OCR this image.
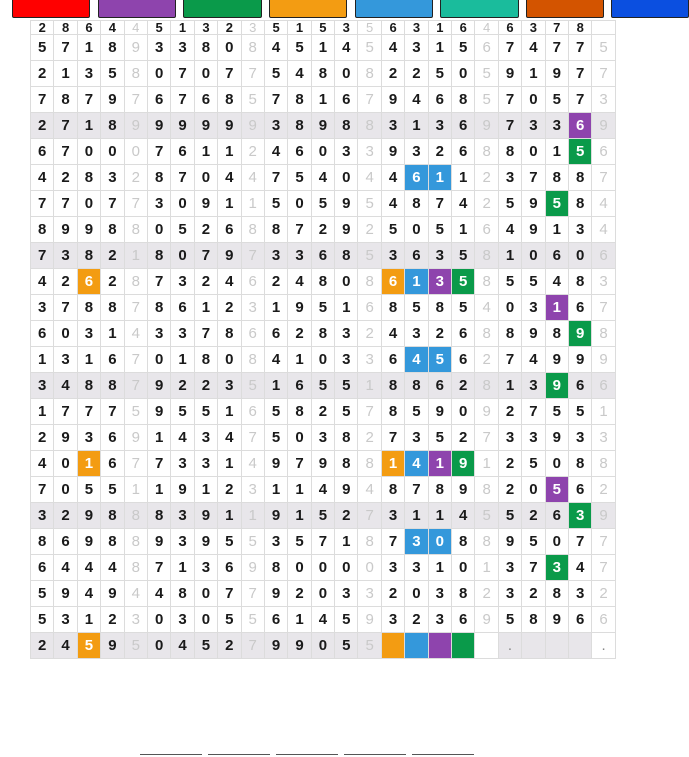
2	8	6	4	4	5	1	3	2	3	5	1	5	3	5	6	3	1	6	4	6	3	7	8	
5	7	1	8	9	3	3	8	0	8	4	5	1	4	5	4	3	1	5	6	7	4	7	7	5
2	1	3	5	8	0	7	0	7	7	5	4	8	0	8	2	2	5	0	5	9	1	9	7	7
7	8	7	9	7	6	7	6	8	5	7	8	1	6	7	9	4	6	8	5	7	0	5	7	3
2	7	1	8	9	9	9	9	9	9	3	8	9	8	8	3	1	3	6	9	7	3	3	6	9
6	7	0	0	0	7	6	1	1	2	4	6	0	3	3	9	3	2	6	8	8	0	1	5	6
4	2	8	3	2	8	7	0	4	4	7	5	4	0	4	4	6	1	1	2	3	7	8	8	7
7	7	0	7	7	3	0	9	1	1	5	0	5	9	5	4	8	7	4	2	5	9	5	8	4
8	9	9	8	8	0	5	2	6	8	8	7	2	9	2	5	0	5	1	6	4	9	1	3	4
7	3	8	2	1	8	0	7	9	7	3	3	6	8	5	3	6	3	5	8	1	0	6	0	6
4	2	6	2	8	7	3	2	4	6	2	4	8	0	8	6	1	3	5	8	5	5	4	8	3
3	7	8	8	7	8	6	1	2	3	1	9	5	1	6	8	5	8	5	4	0	3	1	6	7
6	0	3	1	4	3	3	7	8	6	6	2	8	3	2	4	3	2	6	8	8	9	8	9	8
1	3	1	6	7	0	1	8	0	8	4	1	0	3	3	6	4	5	6	2	7	4	9	9	9
3	4	8	8	7	9	2	2	3	5	1	6	5	5	1	8	8	6	2	8	1	3	9	6	6
1	7	7	7	5	9	5	5	1	6	5	8	2	5	7	8	5	9	0	9	2	7	5	5	1
2	9	3	6	9	1	4	3	4	7	5	0	3	8	2	7	3	5	2	7	3	3	9	3	3
4	0	1	6	7	7	3	3	1	4	9	7	9	8	8	1	4	1	9	1	2	5	0	8	8
7	0	5	5	1	1	9	1	2	3	1	1	4	9	4	8	7	8	9	8	2	0	5	6	2
3	2	9	8	8	8	3	9	1	1	9	1	5	2	7	3	1	1	4	5	5	2	6	3	9
8	6	9	8	8	9	3	9	5	5	3	5	7	1	8	7	3	0	8	8	9	5	0	7	7
6	4	4	4	8	7	1	3	6	9	8	0	0	0	0	3	3	1	0	1	3	7	3	4	7
5	9	4	9	4	4	8	0	7	7	9	2	0	3	3	2	0	3	8	2	3	2	8	3	2
5	3	1	2	3	0	3	0	5	5	6	1	4	5	9	3	2	3	6	9	5	8	9	6	6
2	4	5	9	5	0	4	5	2	7	9	9	0	5	5						.				.
